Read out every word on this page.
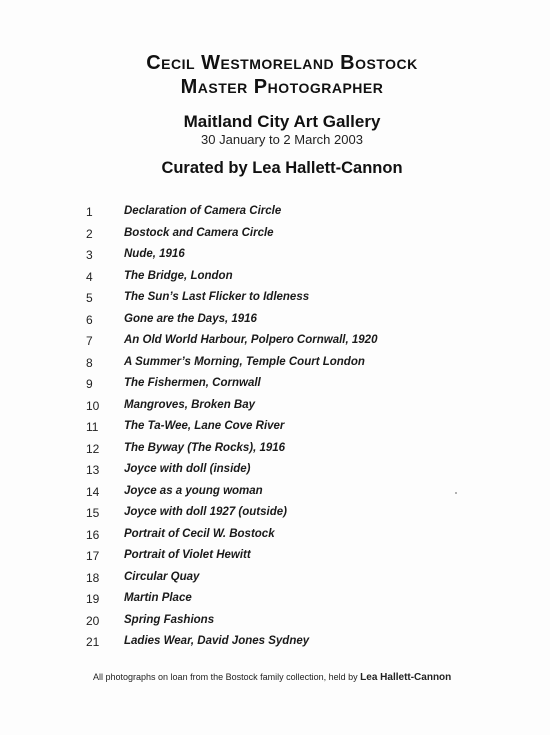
Cecil Westmoreland Bostock
Master Photographer
Maitland City Art Gallery
30 January to 2 March 2003
Curated by Lea Hallett-Cannon
1	Declaration of Camera Circle
2	Bostock and Camera Circle
3	Nude, 1916
4	The Bridge, London
5	The Sun’s Last Flicker to Idleness
6	Gone are the Days, 1916
7	An Old World Harbour, Polpero Cornwall, 1920
8	A Summer’s Morning, Temple Court London
9	The Fishermen, Cornwall
10	Mangroves, Broken Bay
11	The Ta-Wee, Lane Cove River
12	The Byway (The Rocks), 1916
13	Joyce with doll (inside)
14	Joyce as a young woman
15	Joyce with doll 1927 (outside)
16	Portrait of Cecil W. Bostock
17	Portrait of Violet Hewitt
18	Circular Quay
19	Martin Place
20	Spring Fashions
21	Ladies Wear, David Jones Sydney
All photographs on loan from the Bostock family collection, held by Lea Hallett-Cannon
